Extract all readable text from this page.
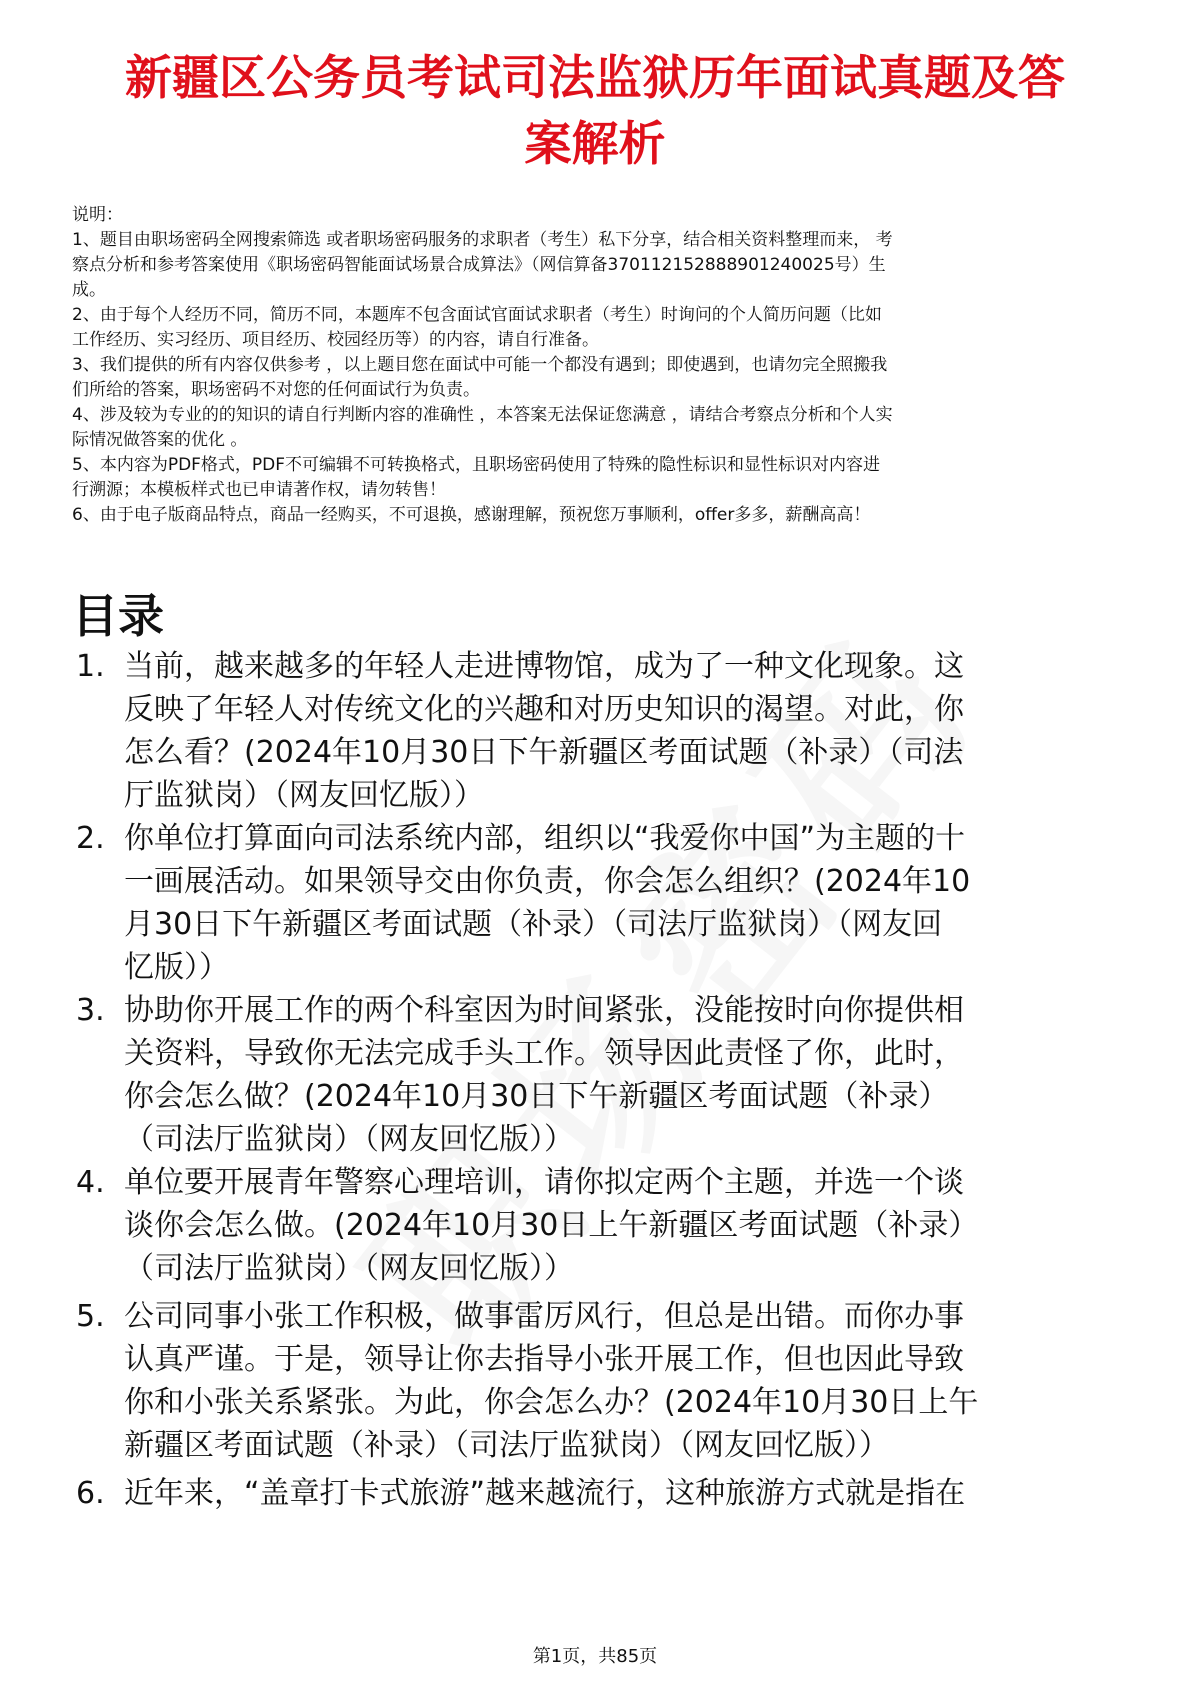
新疆区公务员考试司法监狱历年面试真题及答
案解析
说明：
1、题目由职场密码全网搜索筛选 或者职场密码服务的求职者（考生）私下分享，结合相关资料整理而来， 考
察点分析和参考答案使用《职场密码智能面试场景合成算法》（网信算备370112152888901240025号）生
成。
2、由于每个人经历不同，简历不同，本题库不包含面试官面试求职者（考生）时询问的个人简历问题（比如
工作经历、实习经历、项目经历、校园经历等）的内容，请自行准备。
3、我们提供的所有内容仅供参考 ，以上题目您在面试中可能一个都没有遇到；即使遇到，也请勿完全照搬我
们所给的答案，职场密码不对您的任何面试行为负责。
4、涉及较为专业的的知识的请自行判断内容的准确性 ，本答案无法保证您满意 ，请结合考察点分析和个人实
际情况做答案的优化 。
5、本内容为PDF格式，PDF不可编辑不可转换格式，且职场密码使用了特殊的隐性标识和显性标识对内容进
行溯源；本模板样式也已申请著作权，请勿转售！
6、由于电子版商品特点，商品一经购买，不可退换，感谢理解，预祝您万事顺利，offer多多，薪酬高高！
目录
1. 当前，越来越多的年轻人走进博物馆，成为了一种文化现象。这
反映了年轻人对传统文化的兴趣和对历史知识的渴望。对此，你
怎么看？(2024年10月30日下午新疆区考面试题（补录）（司法
厅监狱岗）（网友回忆版））
2. 你单位打算面向司法系统内部，组织以“我爱你中国”为主题的十
一画展活动。如果领导交由你负责，你会怎么组织？(2024年10
月30日下午新疆区考面试题（补录）（司法厅监狱岗）（网友回
忆版））
3. 协助你开展工作的两个科室因为时间紧张，没能按时向你提供相
关资料，导致你无法完成手头工作。领导因此责怪了你，此时，
你会怎么做？(2024年10月30日下午新疆区考面试题（补录）
（司法厅监狱岗）（网友回忆版））
4. 单位要开展青年警察心理培训，请你拟定两个主题，并选一个谈
谈你会怎么做。(2024年10月30日上午新疆区考面试题（补录）
（司法厅监狱岗）（网友回忆版））
5. 公司同事小张工作积极，做事雷厉风行，但总是出错。而你办事
认真严谨。于是，领导让你去指导小张开展工作，但也因此导致
你和小张关系紧张。为此，你会怎么办？(2024年10月30日上午
新疆区考面试题（补录）（司法厅监狱岗）（网友回忆版））
6. 近年来，“盖章打卡式旅游”越来越流行，这种旅游方式就是指在
第1页，共85页
